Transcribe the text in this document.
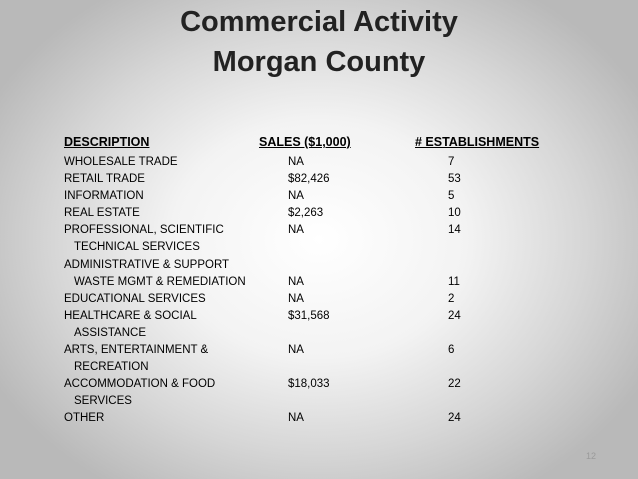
Commercial Activity
Morgan County
DESCRIPTION	SALES ($1,000)	# ESTABLISHMENTS
WHOLESALE TRADE	NA	7
RETAIL TRADE	$82,426	53
INFORMATION	NA	5
REAL ESTATE	$2,263	10
PROFESSIONAL, SCIENTIFIC	NA	14
TECHNICAL SERVICES
ADMINISTRATIVE & SUPPORT
WASTE MGMT & REMEDIATION	NA	11
EDUCATIONAL SERVICES	NA	2
HEALTHCARE & SOCIAL	$31,568	24
ASSISTANCE
ARTS, ENTERTAINMENT &	NA	6
RECREATION
ACCOMMODATION & FOOD	$18,033	22
SERVICES
OTHER	NA	24
12
